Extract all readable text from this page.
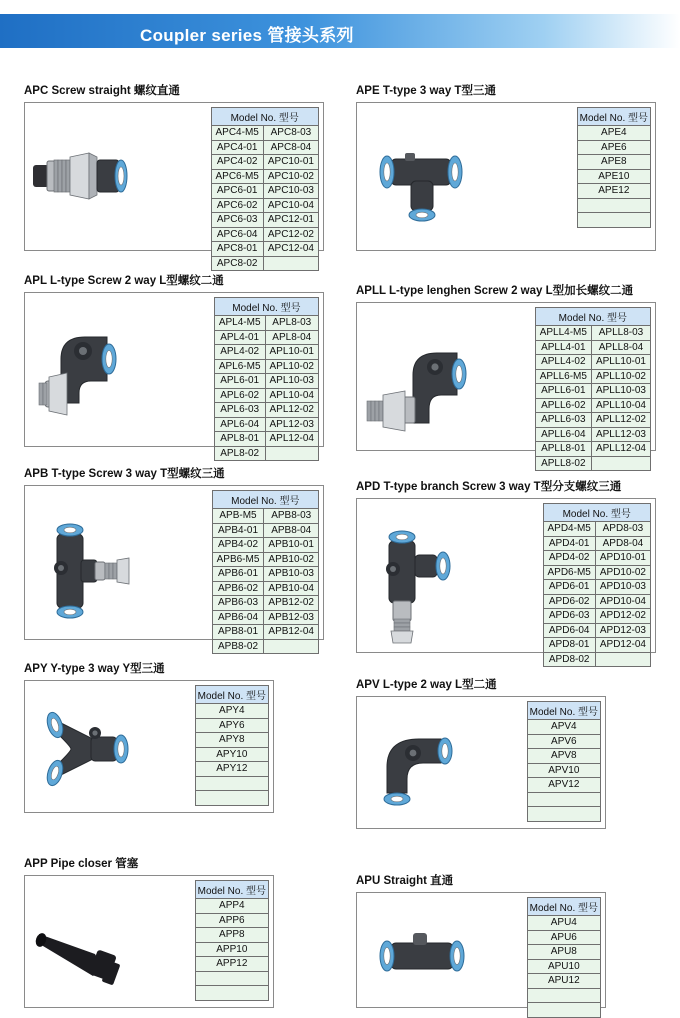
Coupler series 管接头系列
APC Screw straight 螺纹直通
Model No. 型号	
APC4-M5	APC8-03
APC4-01	APC8-04
APC4-02	APC10-01
APC6-M5	APC10-02
APC6-01	APC10-03
APC6-02	APC10-04
APC6-03	APC12-01
APC6-04	APC12-02
APC8-01	APC12-04
APC8-02	
APE T-type 3 way T型三通
Model No. 型号
APE4
APE6
APE8
APE10
APE12

APL L-type Screw 2 way L型螺纹二通
Model No. 型号	
APL4-M5	APL8-03
APL4-01	APL8-04
APL4-02	APL10-01
APL6-M5	APL10-02
APL6-01	APL10-03
APL6-02	APL10-04
APL6-03	APL12-02
APL6-04	APL12-03
APL8-01	APL12-04
APL8-02	
APLL L-type lenghen Screw 2 way L型加长螺纹二通
Model No. 型号	
APLL4-M5	APLL8-03
APLL4-01	APLL8-04
APLL4-02	APLL10-01
APLL6-M5	APLL10-02
APLL6-01	APLL10-03
APLL6-02	APLL10-04
APLL6-03	APLL12-02
APLL6-04	APLL12-03
APLL8-01	APLL12-04
APLL8-02	
APB T-type Screw 3 way T型螺纹三通
Model No. 型号	
APB-M5	APB8-03
APB4-01	APB8-04
APB4-02	APB10-01
APB6-M5	APB10-02
APB6-01	APB10-03
APB6-02	APB10-04
APB6-03	APB12-02
APB6-04	APB12-03
APB8-01	APB12-04
APB8-02	
APD T-type branch Screw 3 way T型分支螺纹三通
Model No. 型号	
APD4-M5	APD8-03
APD4-01	APD8-04
APD4-02	APD10-01
APD6-M5	APD10-02
APD6-01	APD10-03
APD6-02	APD10-04
APD6-03	APD12-02
APD6-04	APD12-03
APD8-01	APD12-04
APD8-02	
APY Y-type 3 way Y型三通
Model No. 型号
APY4
APY6
APY8
APY10
APY12

APV L-type 2 way L型二通
Model No. 型号
APV4
APV6
APV8
APV10
APV12

APP Pipe closer 管塞
Model No. 型号
APP4
APP6
APP8
APP10
APP12

APU Straight 直通
Model No. 型号
APU4
APU6
APU8
APU10
APU12
